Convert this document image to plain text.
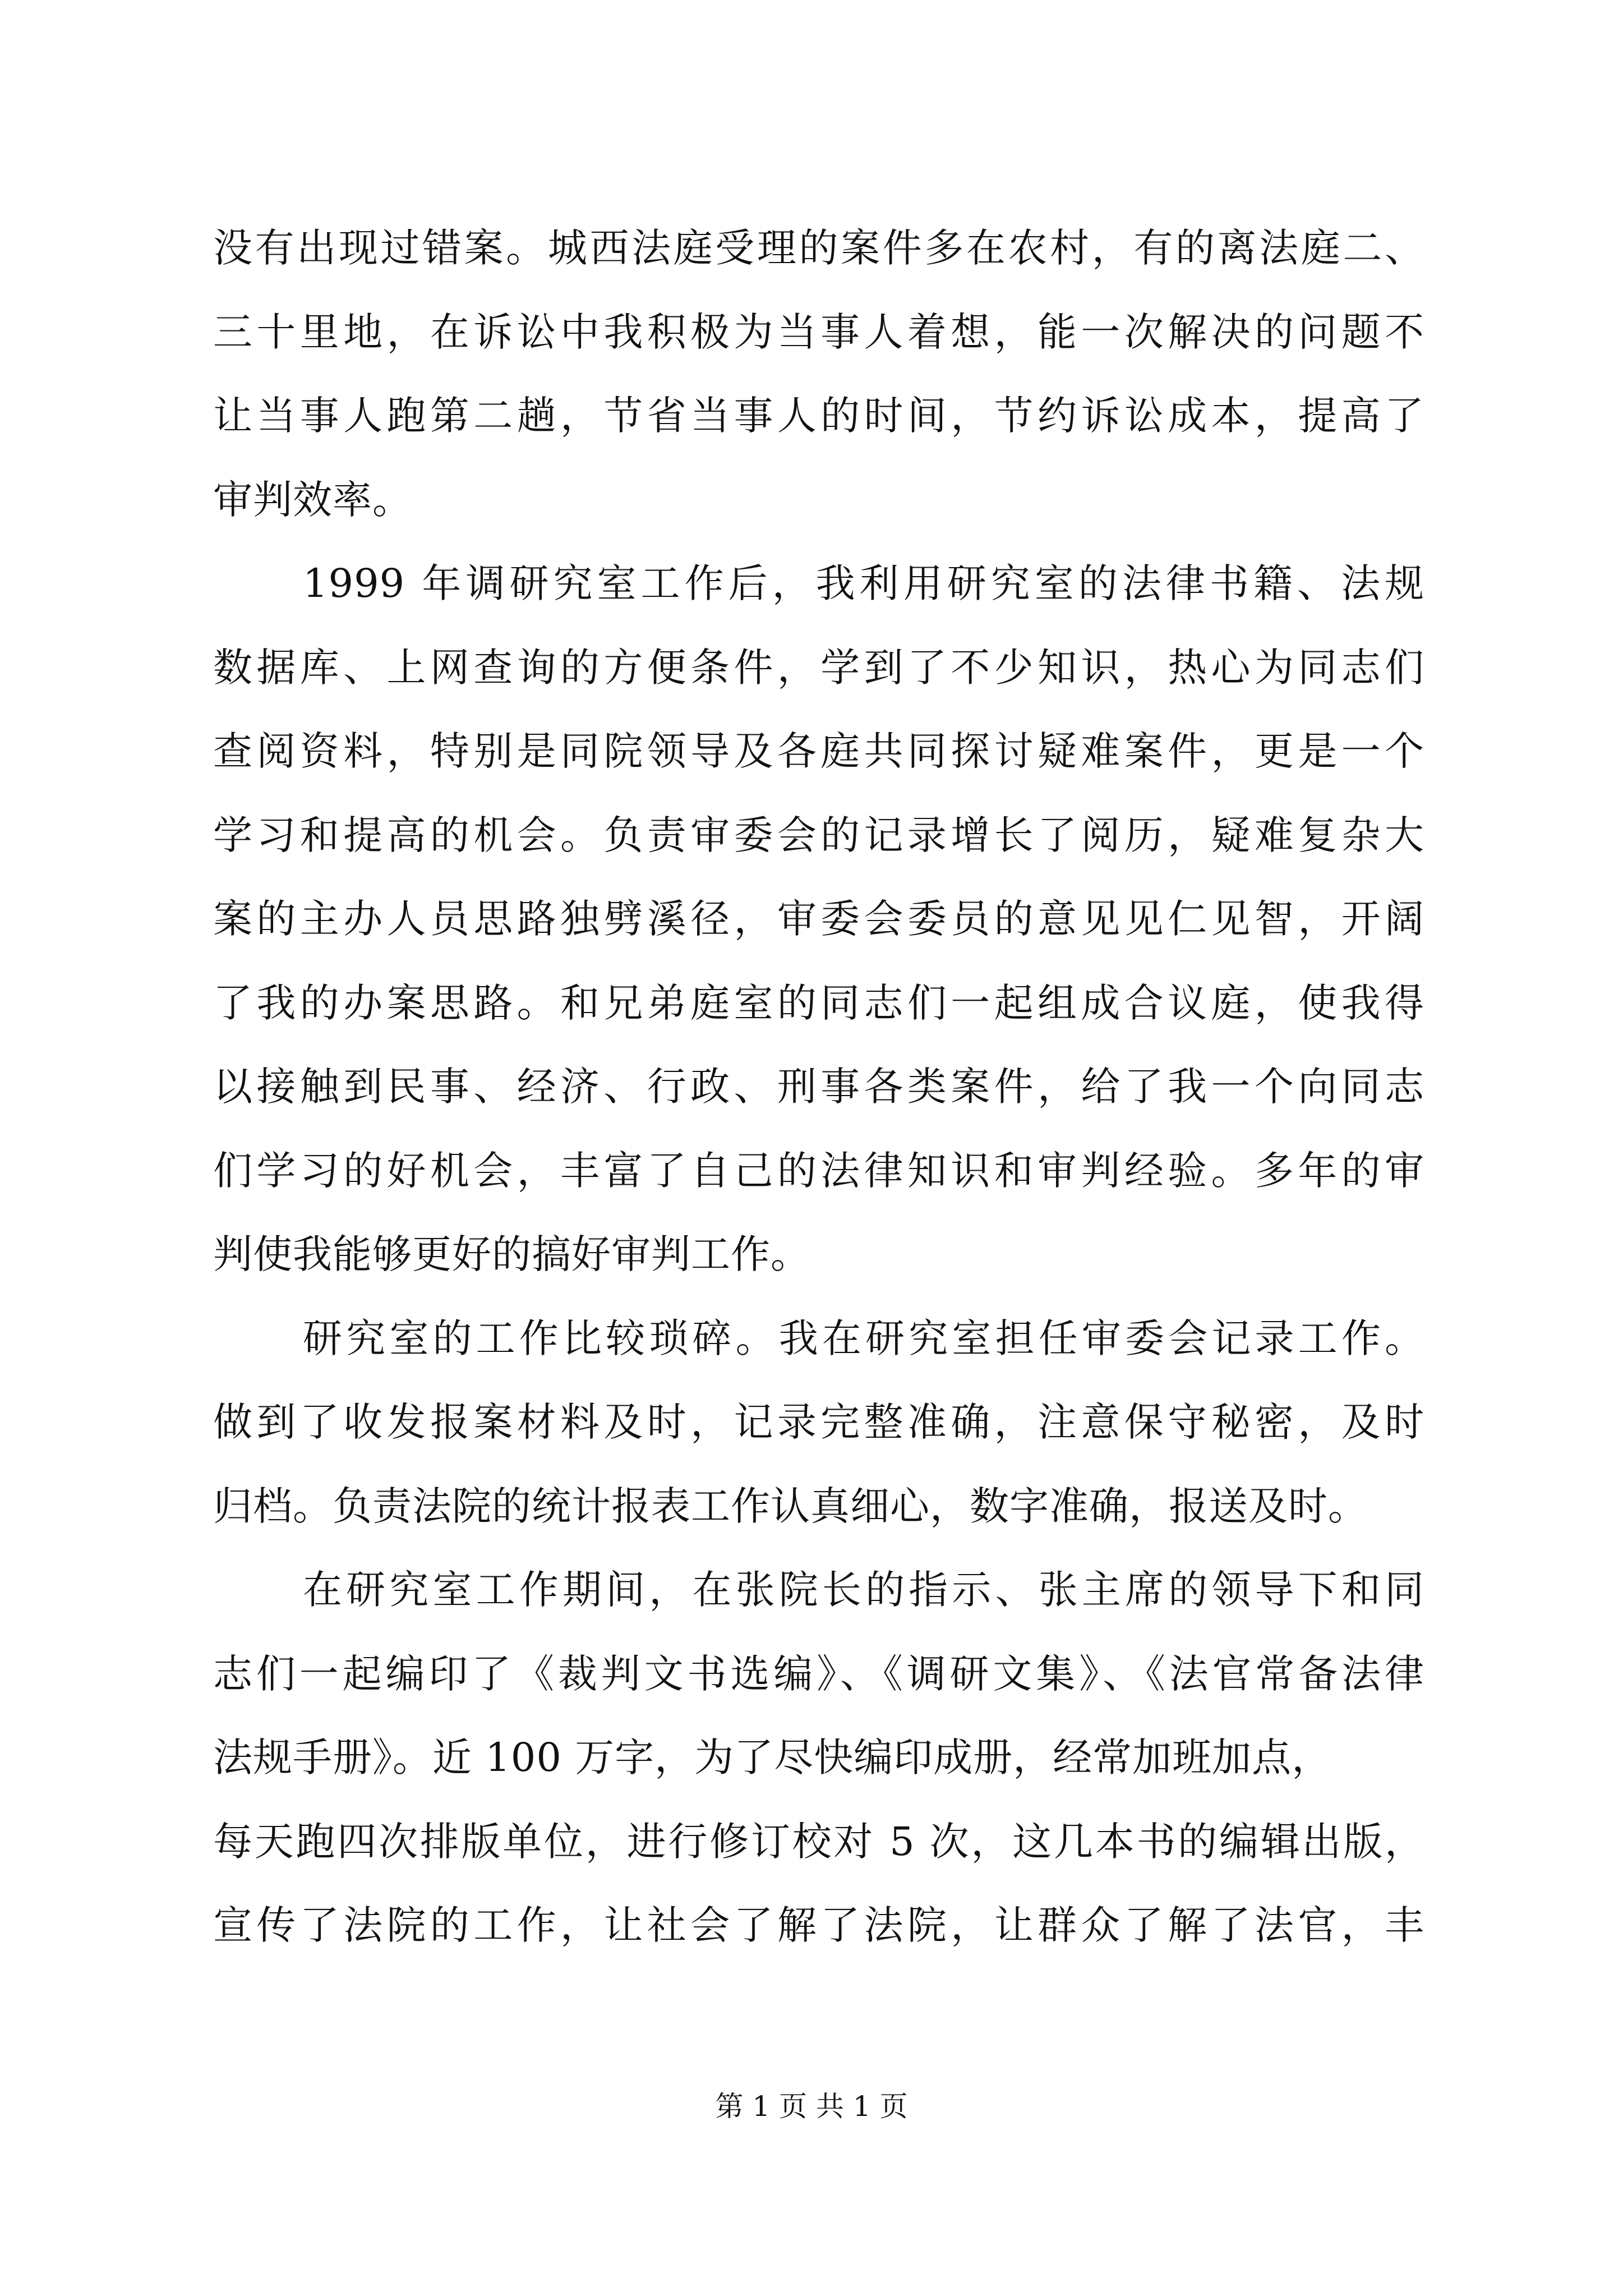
没有出现过错案。城西法庭受理的案件多在农村，有的离法庭二、
三十里地，在诉讼中我积极为当事人着想，能一次解决的问题不
让当事人跑第二趟，节省当事人的时间，节约诉讼成本，提高了
审判效率。
1999 年调研究室工作后，我利用研究室的法律书籍、法规
数据库、上网查询的方便条件，学到了不少知识，热心为同志们
查阅资料，特别是同院领导及各庭共同探讨疑难案件，更是一个
学习和提高的机会。负责审委会的记录增长了阅历，疑难复杂大
案的主办人员思路独劈溪径，审委会委员的意见见仁见智，开阔
了我的办案思路。和兄弟庭室的同志们一起组成合议庭，使我得
以接触到民事、经济、行政、刑事各类案件，给了我一个向同志
们学习的好机会，丰富了自己的法律知识和审判经验。多年的审
判使我能够更好的搞好审判工作。
研究室的工作比较琐碎。我在研究室担任审委会记录工作。
做到了收发报案材料及时，记录完整准确，注意保守秘密，及时
归档。负责法院的统计报表工作认真细心，数字准确，报送及时。
在研究室工作期间，在张院长的指示、张主席的领导下和同
志们一起编印了《裁判文书选编》、《调研文集》、《法官常备法律
法规手册》。近 100 万字，为了尽快编印成册，经常加班加点，
每天跑四次排版单位，进行修订校对 5 次，这几本书的编辑出版，
宣传了法院的工作，让社会了解了法院，让群众了解了法官，丰
第 1 页 共 1 页
